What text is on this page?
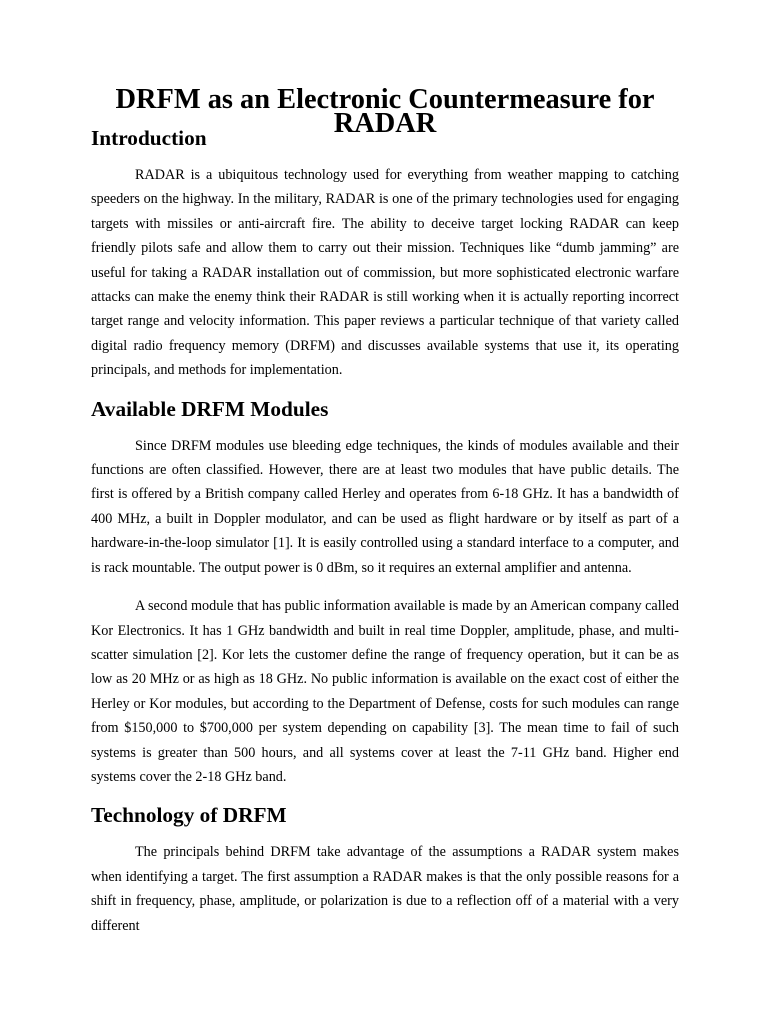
DRFM as an Electronic Countermeasure for RADAR
Introduction

RADAR is a ubiquitous technology used for everything from weather mapping to catching speeders on the highway. In the military, RADAR is one of the primary technologies used for engaging targets with missiles or anti-aircraft fire. The ability to deceive target locking RADAR can keep friendly pilots safe and allow them to carry out their mission. Techniques like “dumb jamming” are useful for taking a RADAR installation out of commission, but more sophisticated electronic warfare attacks can make the enemy think their RADAR is still working when it is actually reporting incorrect target range and velocity information. This paper reviews a particular technique of that variety called digital radio frequency memory (DRFM) and discusses available systems that use it, its operating principals, and methods for implementation.

Available DRFM Modules

Since DRFM modules use bleeding edge techniques, the kinds of modules available and their functions are often classified. However, there are at least two modules that have public details. The first is offered by a British company called Herley and operates from 6-18 GHz. It has a bandwidth of 400 MHz, a built in Doppler modulator, and can be used as flight hardware or by itself as part of a hardware-in-the-loop simulator [1]. It is easily controlled using a standard interface to a computer, and is rack mountable. The output power is 0 dBm, so it requires an external amplifier and antenna.

A second module that has public information available is made by an American company called Kor Electronics. It has 1 GHz bandwidth and built in real time Doppler, amplitude, phase, and multi-scatter simulation [2]. Kor lets the customer define the range of frequency operation, but it can be as low as 20 MHz or as high as 18 GHz. No public information is available on the exact cost of either the Herley or Kor modules, but according to the Department of Defense, costs for such modules can range from $150,000 to $700,000 per system depending on capability [3]. The mean time to fail of such systems is greater than 500 hours, and all systems cover at least the 7-11 GHz band. Higher end systems cover the 2-18 GHz band.

Technology of DRFM

The principals behind DRFM take advantage of the assumptions a RADAR system makes when identifying a target. The first assumption a RADAR makes is that the only possible reasons for a shift in frequency, phase, amplitude, or polarization is due to a reflection off of a material with a very different
